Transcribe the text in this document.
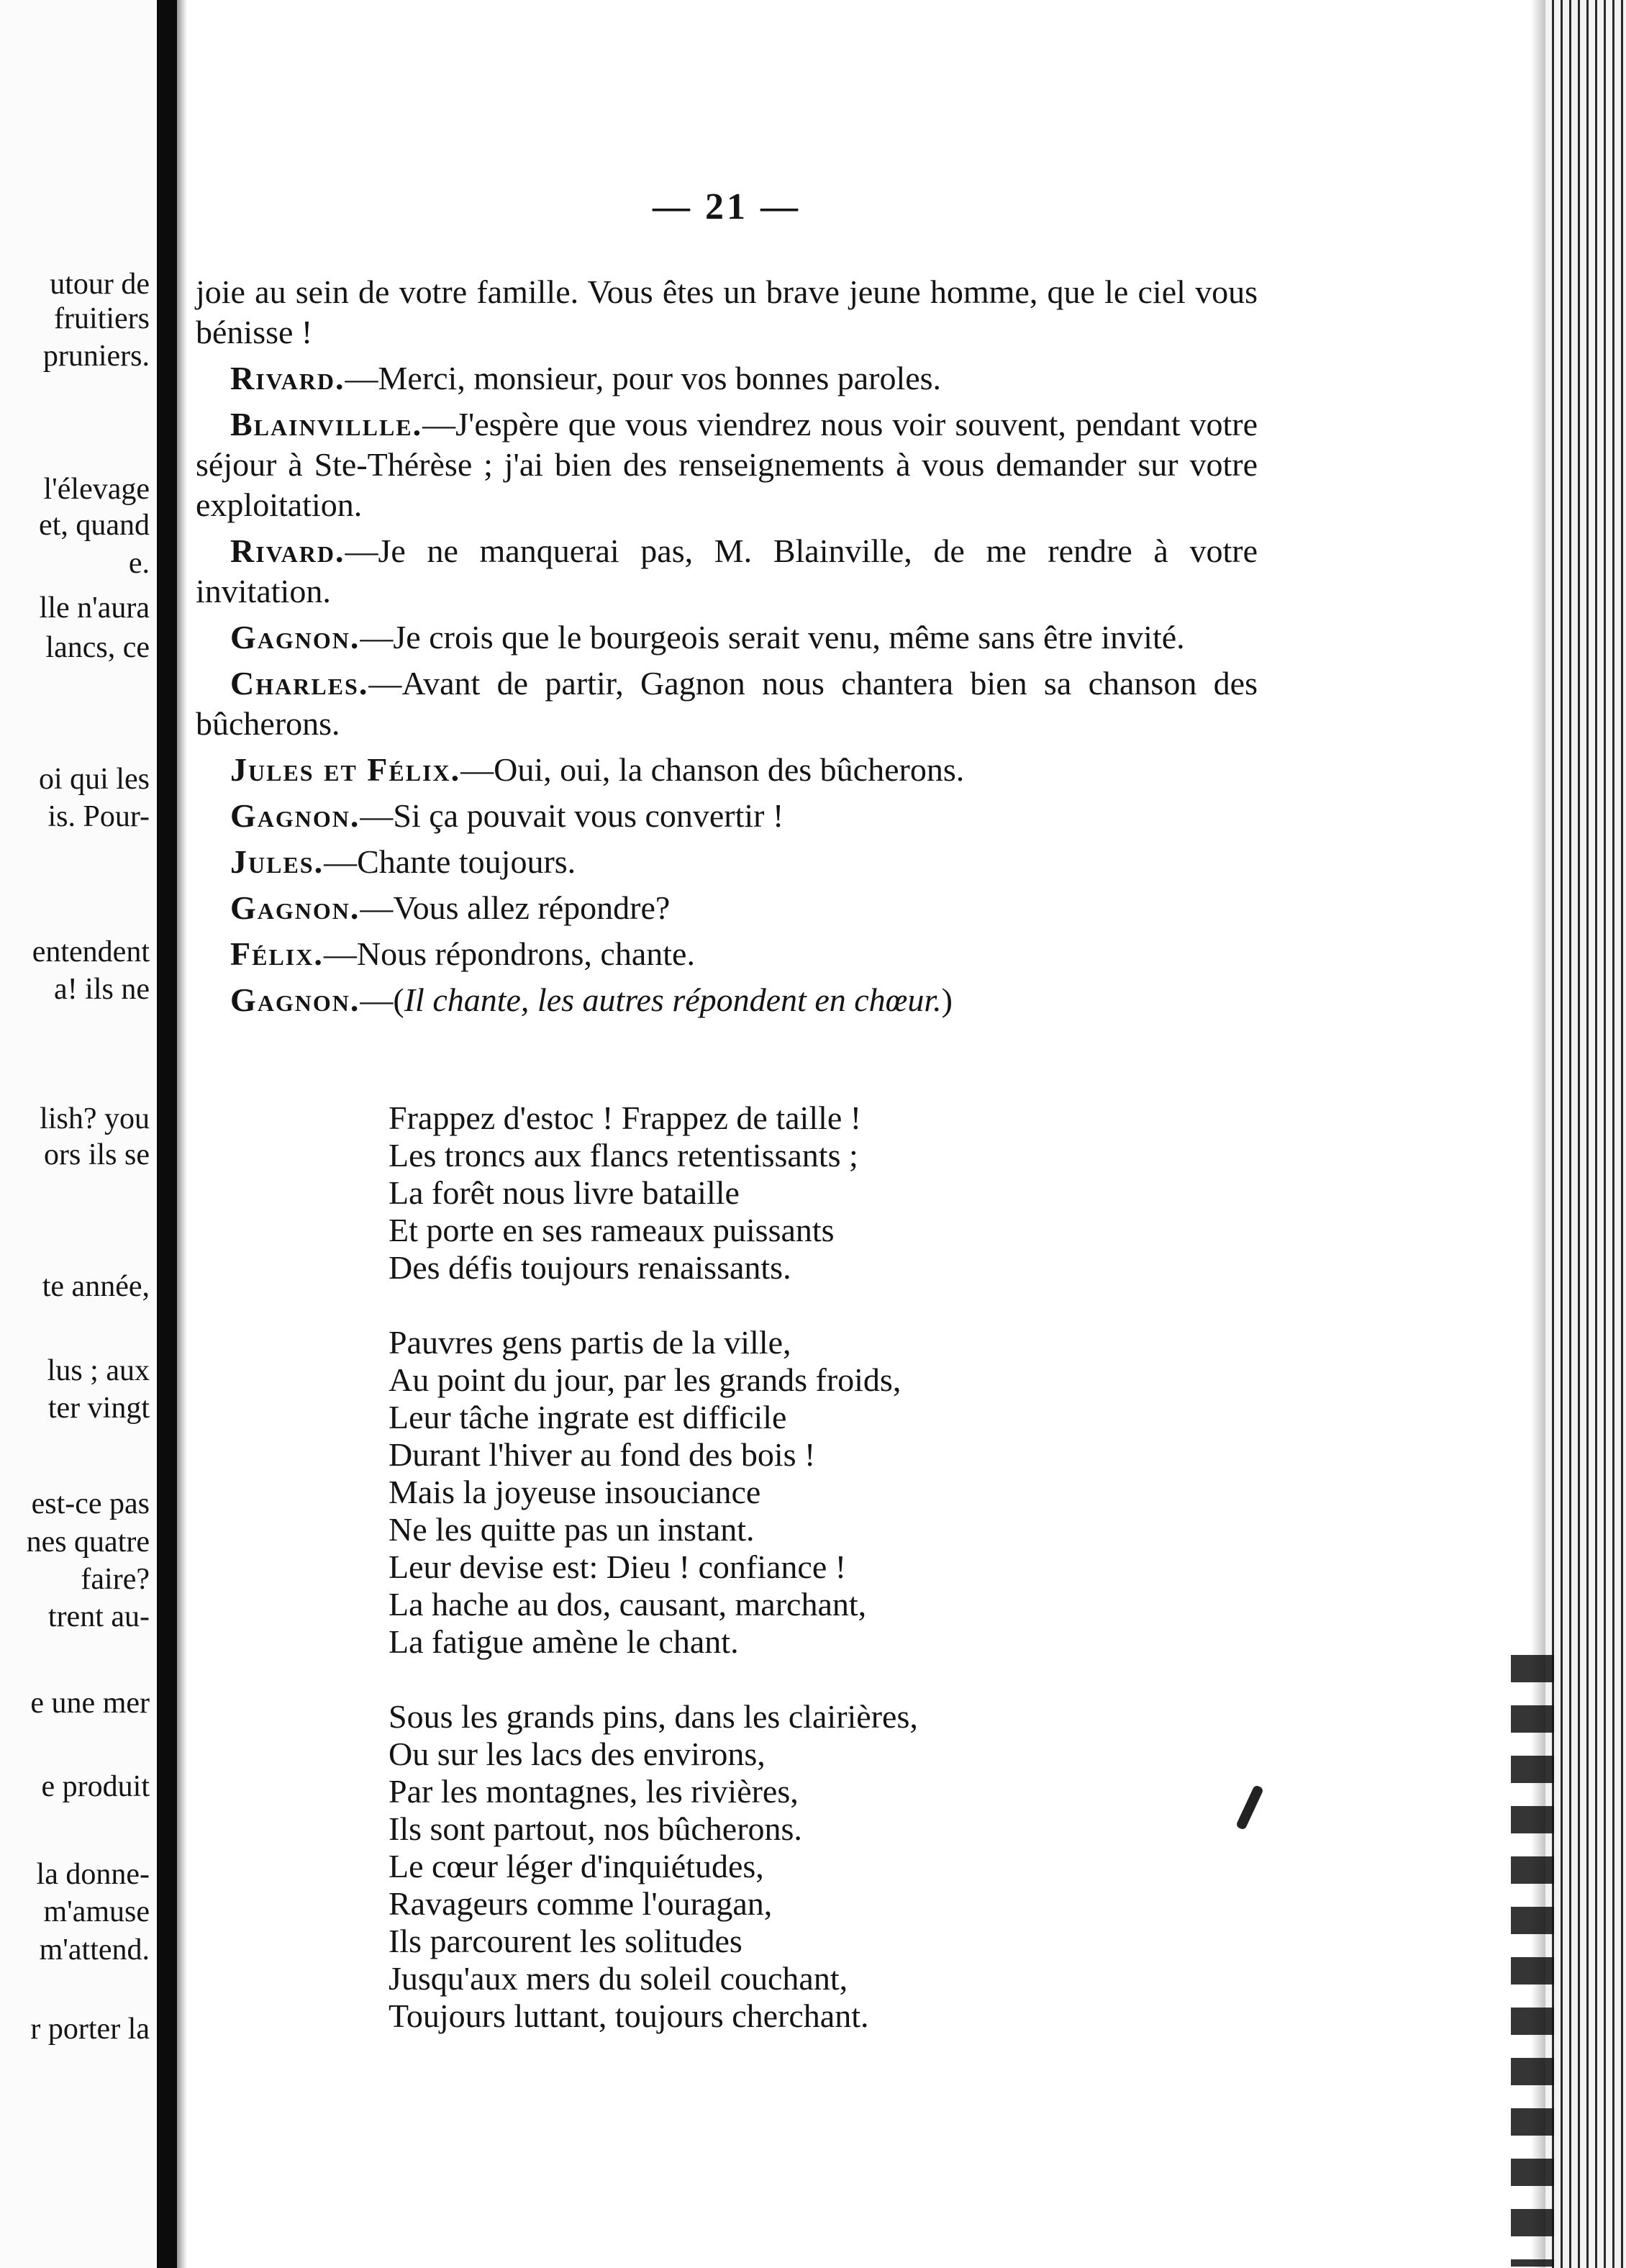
utour de
fruitiers
pruniers.
l'élevage
et, quand
e.
lle n'aura
lancs, ce
oi qui les
is. Pour-
entendent
a! ils ne
lish? you
ors ils se
te année,
lus ; aux
ter vingt
est-ce pas
nes quatre
faire?
trent au-
e une mer
e produit
la donne-
m'amuse
m'attend.
r porter la
— 21 —

joie au sein de votre famille. Vous êtes un brave jeune homme, que le ciel vous bénisse !

Rivard.—Merci, monsieur, pour vos bonnes paroles.

Blainvillle.—J'espère que vous viendrez nous voir souvent, pendant votre séjour à Ste-Thérèse ; j'ai bien des renseignements à vous demander sur votre exploitation.

Rivard.—Je ne manquerai pas, M. Blainville, de me rendre à votre invitation.

Gagnon.—Je crois que le bourgeois serait venu, même sans être invité.

Charles.—Avant de partir, Gagnon nous chantera bien sa chanson des bûcherons.

Jules et Félix.—Oui, oui, la chanson des bûcherons.

Gagnon.—Si ça pouvait vous convertir !

Jules.—Chante toujours.

Gagnon.—Vous allez répondre?

Félix.—Nous répondrons, chante.

Gagnon.—(Il chante, les autres répondent en chœur.)

Frappez d'estoc ! Frappez de taille !
Les troncs aux flancs retentissants ;
La forêt nous livre bataille
Et porte en ses rameaux puissants
Des défis toujours renaissants.
Pauvres gens partis de la ville,
Au point du jour, par les grands froids,
Leur tâche ingrate est difficile
Durant l'hiver au fond des bois !
Mais la joyeuse insouciance
Ne les quitte pas un instant.
Leur devise est: Dieu ! confiance !
La hache au dos, causant, marchant,
La fatigue amène le chant.
Sous les grands pins, dans les clairières,
Ou sur les lacs des environs,
Par les montagnes, les rivières,
Ils sont partout, nos bûcherons.
Le cœur léger d'inquiétudes,
Ravageurs comme l'ouragan,
Ils parcourent les solitudes
Jusqu'aux mers du soleil couchant,
Toujours luttant, toujours cherchant.
